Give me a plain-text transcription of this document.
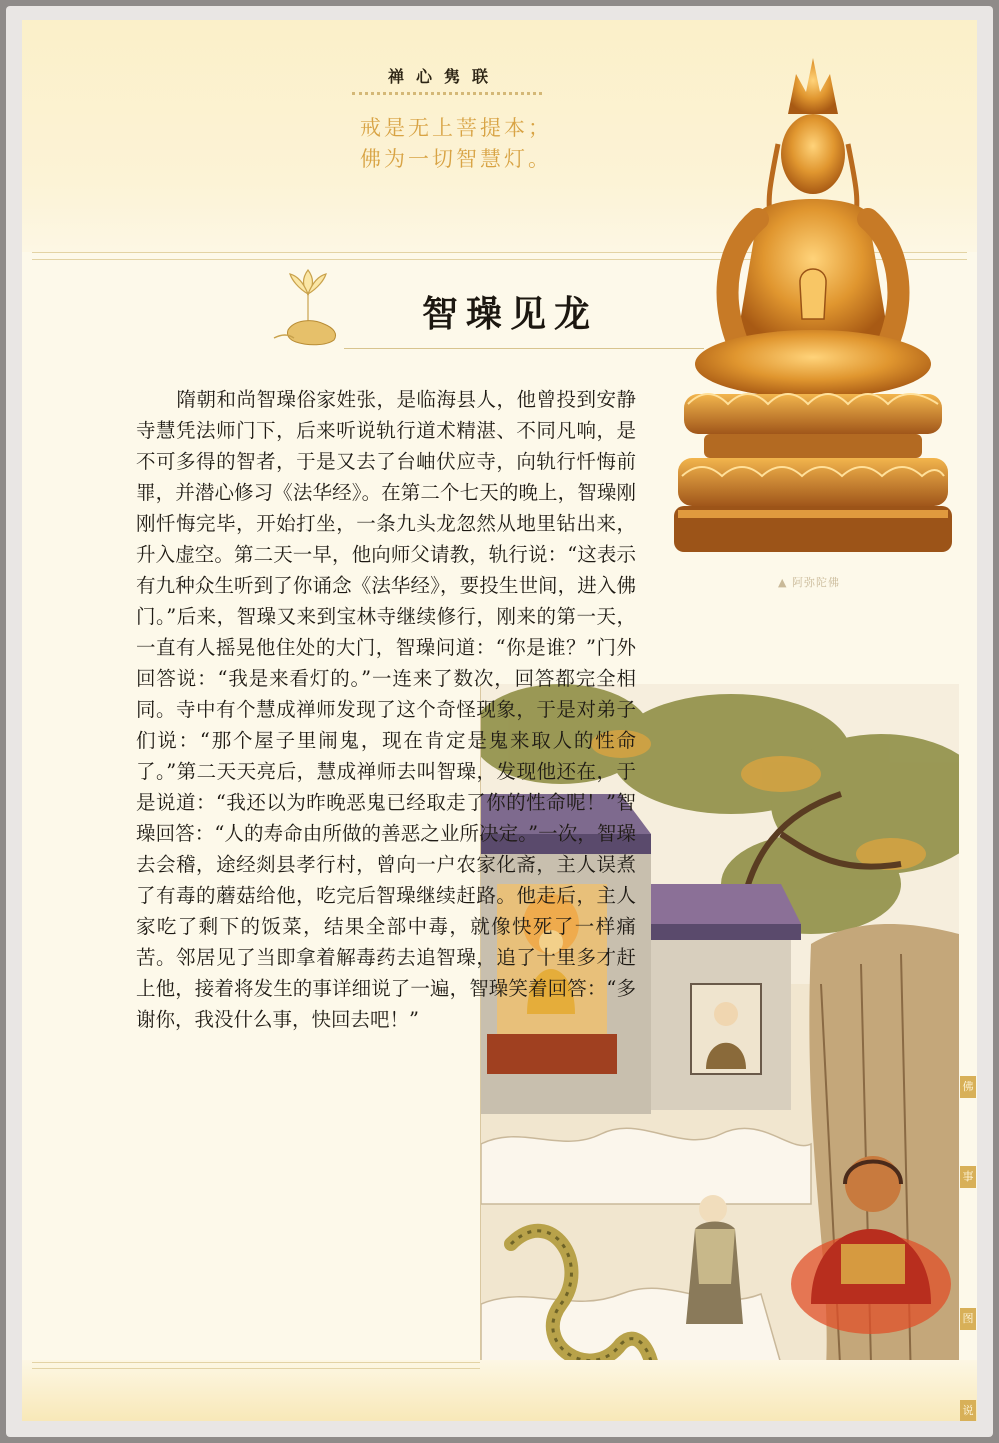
禅心隽联
戒是无上菩提本；
佛为一切智慧灯。
智璪见龙
▲ 阿弥陀佛
隋朝和尚智璪俗家姓张，是临海县人，他曾投到安静寺慧凭法师门下，后来听说轨行道术精湛、不同凡响，是不可多得的智者，于是又去了台岫伏应寺，向轨行忏悔前罪，并潜心修习《法华经》。在第二个七天的晚上，智璪刚刚忏悔完毕，开始打坐，一条九头龙忽然从地里钻出来，升入虚空。第二天一早，他向师父请教，轨行说：“这表示有九种众生听到了你诵念《法华经》，要投生世间，进入佛门。”后来，智璪又来到宝林寺继续修行，刚来的第一天，一直有人摇晃他住处的大门，智璪问道：“你是谁？”门外回答说：“我是来看灯的。”一连来了数次，回答都完全相同。寺中有个慧成禅师发现了这个奇怪现象，于是对弟子们说：“那个屋子里闹鬼，现在肯定是鬼来取人的性命了。”第二天天亮后，慧成禅师去叫智璪，发现他还在，于是说道：“我还以为昨晚恶鬼已经取走了你的性命呢！”智璪回答：“人的寿命由所做的善恶之业所决定。”一次，智璪去会稽，途经剡县孝行村，曾向一户农家化斋，主人误煮了有毒的蘑菇给他，吃完后智璪继续赶路。他走后，主人家吃了剩下的饭菜，结果全部中毒，就像快死了一样痛苦。邻居见了当即拿着解毒药去追智璪，追了十里多才赶上他，接着将发生的事详细说了一遍，智璪笑着回答：“多谢你，我没什么事，快回去吧！”
佛
事
图
说
